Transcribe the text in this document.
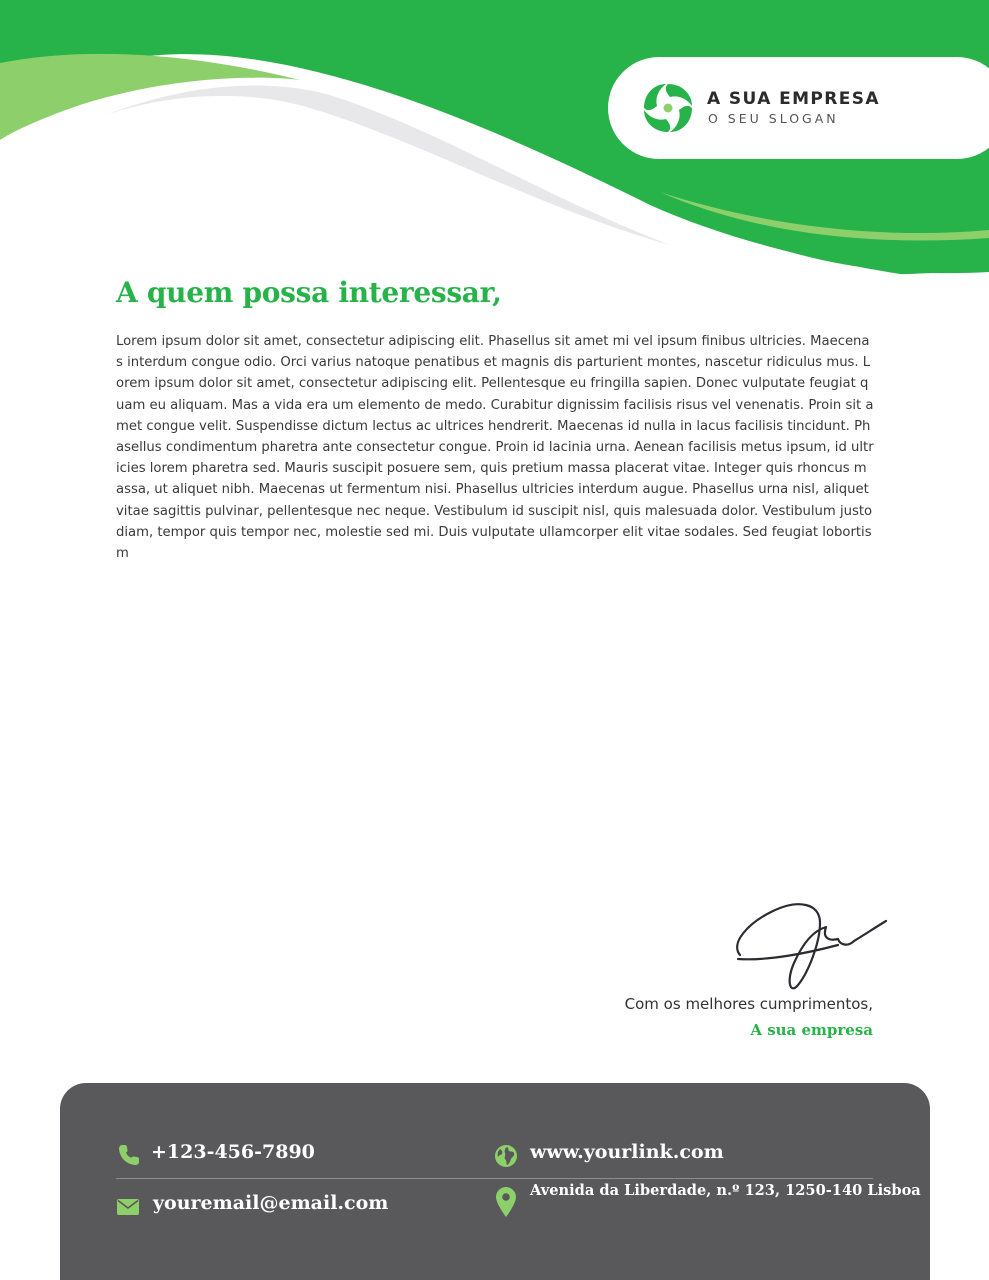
A SUA EMPRESA
O SEU SLOGAN
A quem possa interessar,

Lorem ipsum dolor sit amet, consectetur adipiscing elit. Phasellus sit amet mi vel ipsum finibus ultricies. Maecenas interdum congue odio. Orci varius natoque penatibus et magnis dis parturient montes, nascetur ridiculus mus. Lorem ipsum dolor sit amet, consectetur adipiscing elit. Pellentesque eu fringilla sapien. Donec vulputate feugiat quam eu aliquam. Mas a vida era um elemento de medo. Curabitur dignissim facilisis risus vel venenatis. Proin sit amet congue velit. Suspendisse dictum lectus ac ultrices hendrerit. Maecenas id nulla in lacus facilisis tincidunt. Phasellus condimentum pharetra ante consectetur congue. Proin id lacinia urna. Aenean facilisis metus ipsum, id ultricies lorem pharetra sed. Mauris suscipit posuere sem, quis pretium massa placerat vitae. Integer quis rhoncus massa, ut aliquet nibh. Maecenas ut fermentum nisi. Phasellus ultricies interdum augue. Phasellus urna nisl, aliquet vitae sagittis pulvinar, pellentesque nec neque. Vestibulum id suscipit nisl, quis malesuada dolor. Vestibulum justo diam, tempor quis tempor nec, molestie sed mi. Duis vulputate ullamcorper elit vitae sodales. Sed feugiat lobortis m

Com os melhores cumprimentos,
A sua empresa
+123-456-7890	www.yourlink.com
youremail@email.com
Avenida da Liberdade, n.º 123, 1250-140 Lisboa
